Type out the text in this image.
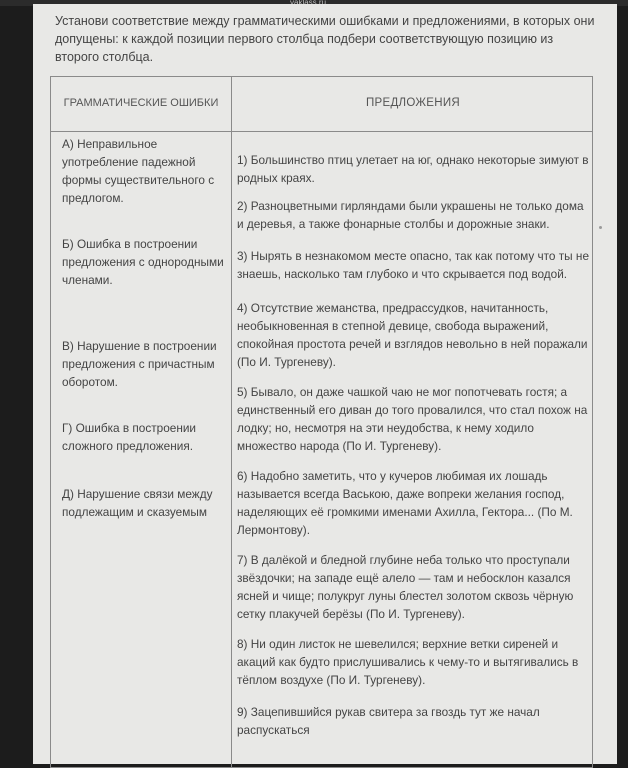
Установи соответствие между грамматическими ошибками и предложениями, в которых они допущены: к каждой позиции первого столбца подбери соответствующую позицию из второго столбца.
ГРАММАТИЧЕСКИЕ ОШИБКИ	ПРЕДЛОЖЕНИЯ
А) Неправильное употребление падежной формы существительного с предлогом.
Б) Ошибка в построении предложения с однородными членами.
В) Нарушение в построении предложения с причастным оборотом.
Г) Ошибка в построении сложного предложения.
Д) Нарушение связи между подлежащим и сказуемым
1) Большинство птиц улетает на юг, однако некоторые зимуют в родных краях.
2) Разноцветными гирляндами были украшены не только дома и деревья, а также фонарные столбы и дорожные знаки.
3) Нырять в незнакомом месте опасно, так как потому что ты не знаешь, насколько там глубоко и что скрывается под водой.
4) Отсутствие жеманства, предрассудков, начитанность, необыкновенная в степной девице, свобода выражений, спокойная простота речей и взглядов невольно в ней поражали (По И. Тургеневу).
5) Бывало, он даже чашкой чаю не мог попотчевать гостя; а единственный его диван до того провалился, что стал похож на лодку; но, несмотря на эти неудобства, к нему ходило множество народа (По И. Тургеневу).
6) Надобно заметить, что у кучеров любимая их лошадь называется всегда Ваською, даже вопреки желания господ, наделяющих её громкими именами Ахилла, Гектора... (По М. Лермонтову).
7) В далёкой и бледной глубине неба только что проступали звёздочки; на западе ещё алело — там и небосклон казался ясней и чище; полукруг луны блестел золотом сквозь чёрную сетку плакучей берёзы (По И. Тургеневу).
8) Ни один листок не шевелился; верхние ветки сиреней и акаций как будто прислушивались к чему-то и вытягивались в тёплом воздухе (По И. Тургеневу).
9) Зацепившийся рукав свитера за гвоздь тут же начал распускаться
